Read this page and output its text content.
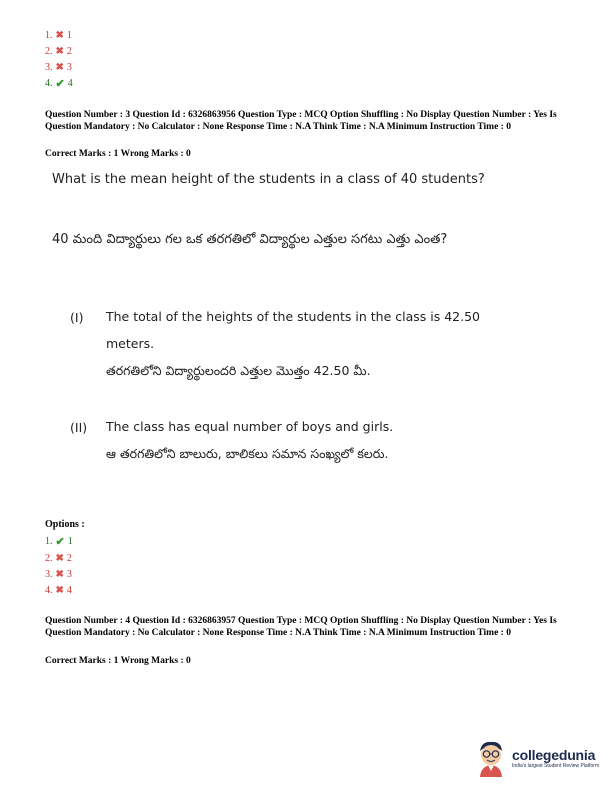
1. ✖ 1
2. ✖ 2
3. ✖ 3
4. ✔ 4
Question Number : 3 Question Id : 6326863956 Question Type : MCQ Option Shuffling : No Display Question Number : Yes Is Question Mandatory : No Calculator : None Response Time : N.A Think Time : N.A Minimum Instruction Time : 0
Correct Marks : 1 Wrong Marks : 0
What is the mean height of the students in a class of 40 students?
40 మంది విద్యార్థులు గల ఒక తరగతిలో విద్యార్థుల ఎత్తుల సగటు ఎత్తు ఎంత?
(I) The total of the heights of the students in the class is 42.50 meters.
తరగతిలోని విద్యార్థులందరి ఎత్తుల మొత్తం 42.50 మీ.
(II) The class has equal number of boys and girls.
ఆ తరగతిలోని బాలురు, బాలికలు సమాన సంఖ్యలో కలరు.
Options :
1. ✔ 1
2. ✖ 2
3. ✖ 3
4. ✖ 4
Question Number : 4 Question Id : 6326863957 Question Type : MCQ Option Shuffling : No Display Question Number : Yes Is Question Mandatory : No Calculator : None Response Time : N.A Think Time : N.A Minimum Instruction Time : 0
Correct Marks : 1 Wrong Marks : 0
collegedunia
India's largest Student Review Platform
